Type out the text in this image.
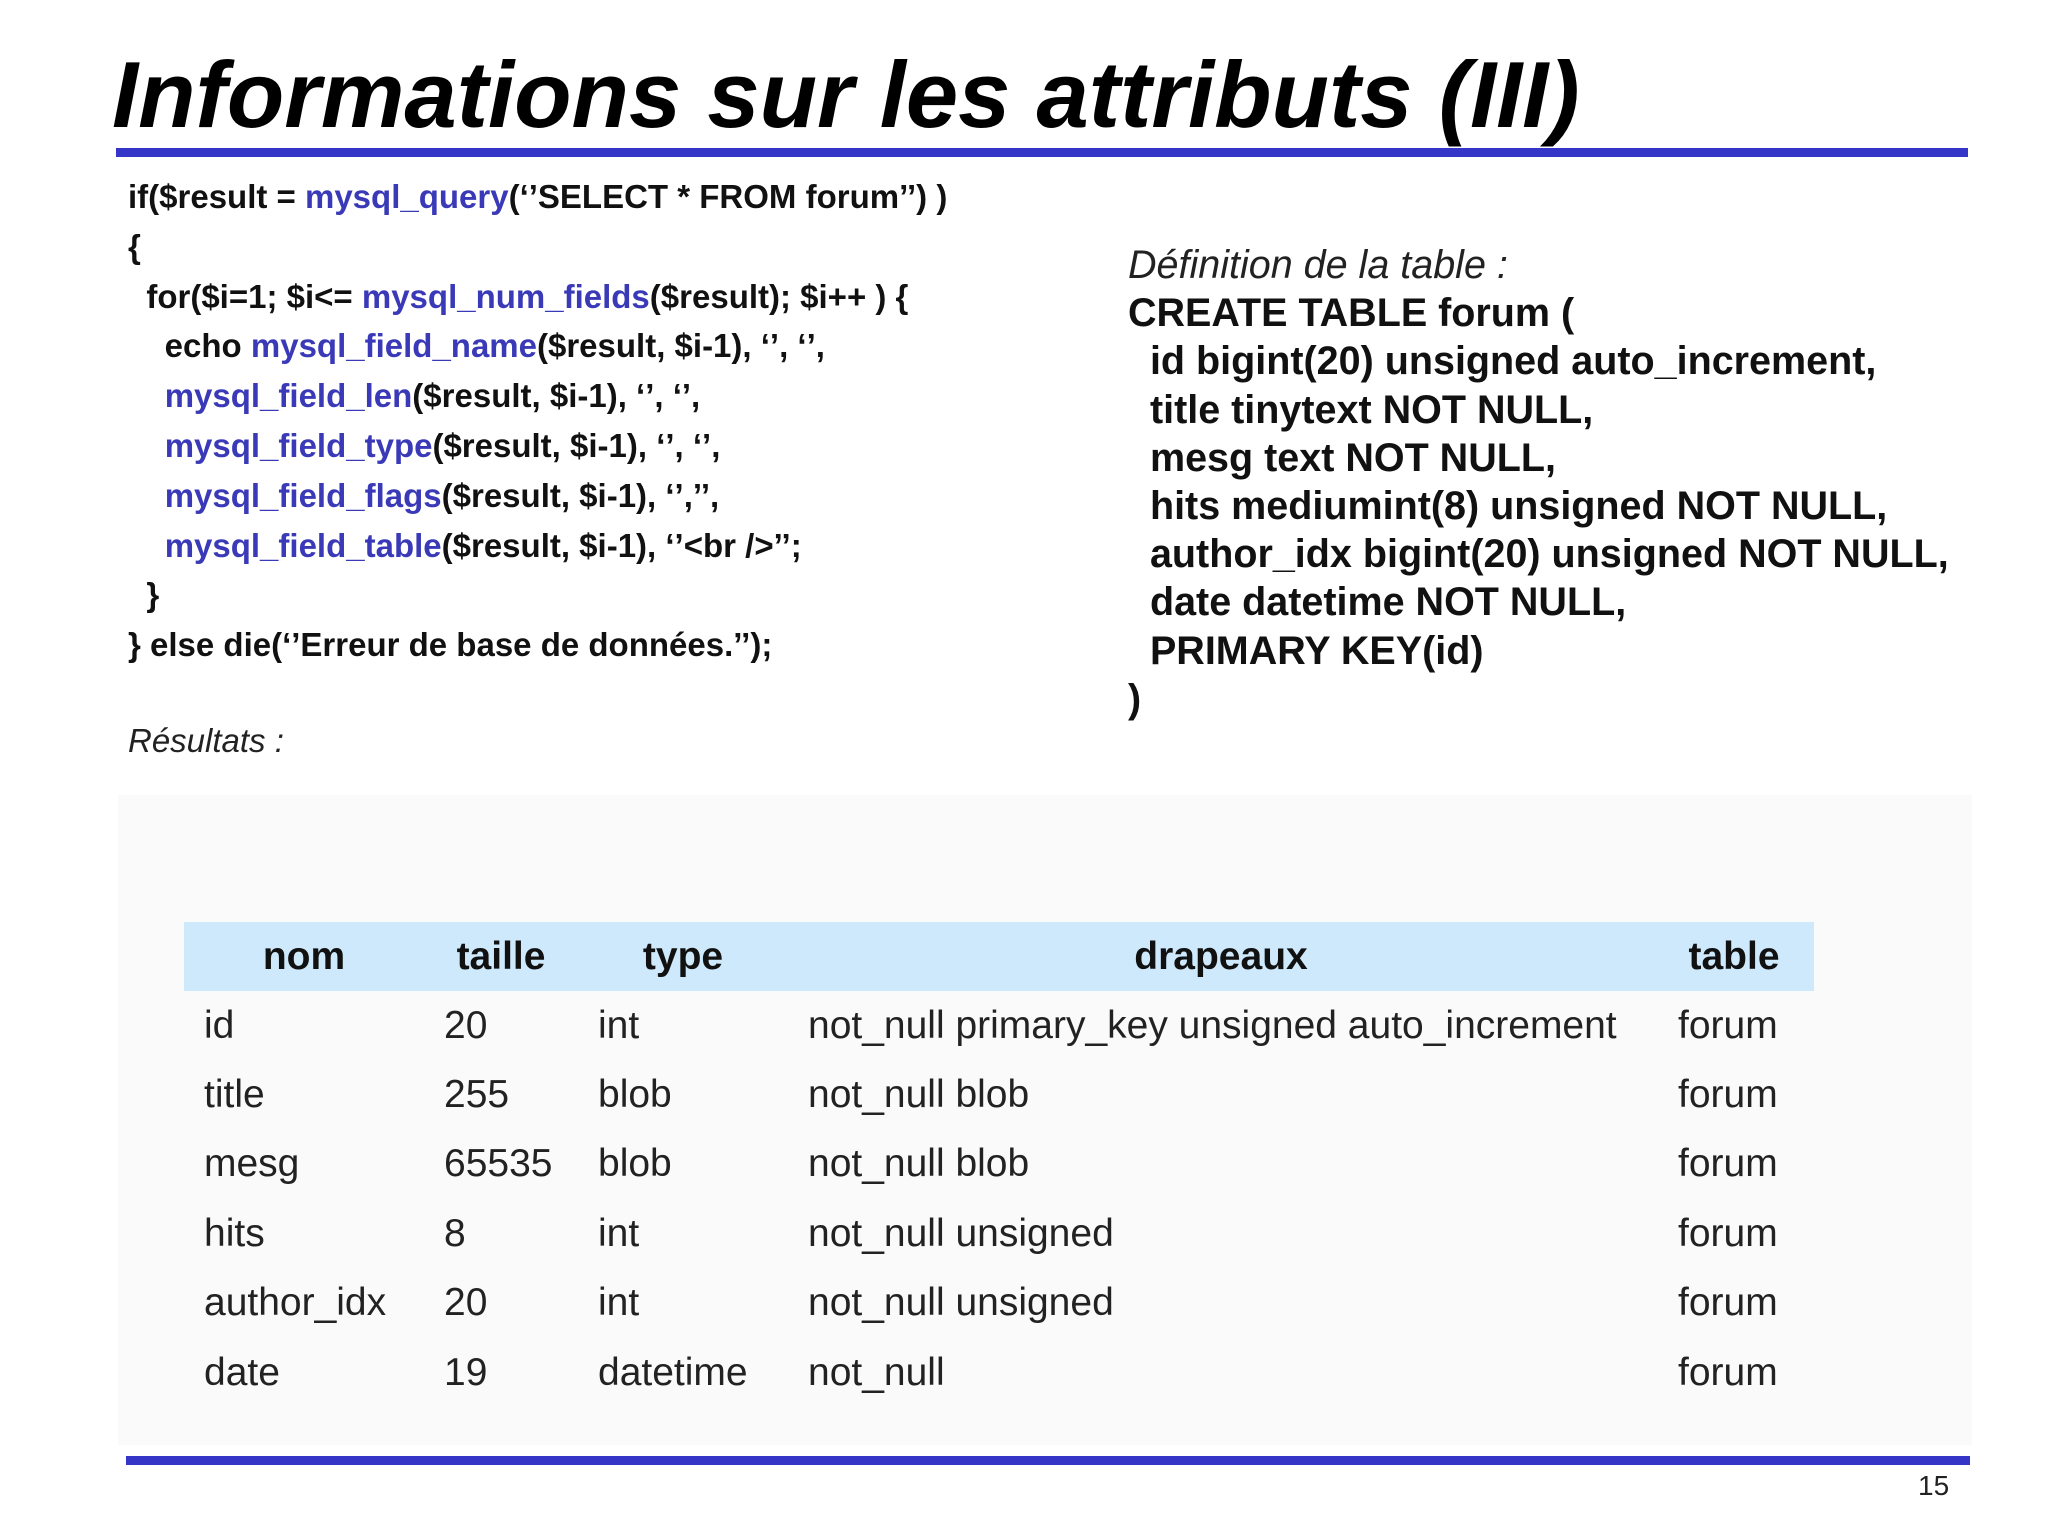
Informations sur les attributs (III)
if($result = mysql_query(‘’SELECT * FROM forum’’) )
{
for($i=1; $i<= mysql_num_fields($result); $i++ ) {
echo mysql_field_name($result, $i-1), ‘’, ‘’,
mysql_field_len($result, $i-1), ‘’, ‘’,
mysql_field_type($result, $i-1), ‘’, ‘’,
mysql_field_flags($result, $i-1), ‘’,’’,
mysql_field_table($result, $i-1), ‘’<br />’’;
}
} else die(‘’Erreur de base de données.’’);
Résultats :
Définition de la table :
CREATE TABLE forum (
id bigint(20) unsigned auto_increment,
title tinytext NOT NULL,
mesg text NOT NULL,
hits mediumint(8) unsigned NOT NULL,
author_idx bigint(20) unsigned NOT NULL,
date datetime NOT NULL,
PRIMARY KEY(id)
)
nom	taille	type	drapeaux	table
id	20	int	not_null primary_key unsigned auto_increment	forum
title	255	blob	not_null blob	forum
mesg	65535	blob	not_null blob	forum
hits	8	int	not_null unsigned	forum
author_idx	20	int	not_null unsigned	forum
date	19	datetime	not_null	forum
15
